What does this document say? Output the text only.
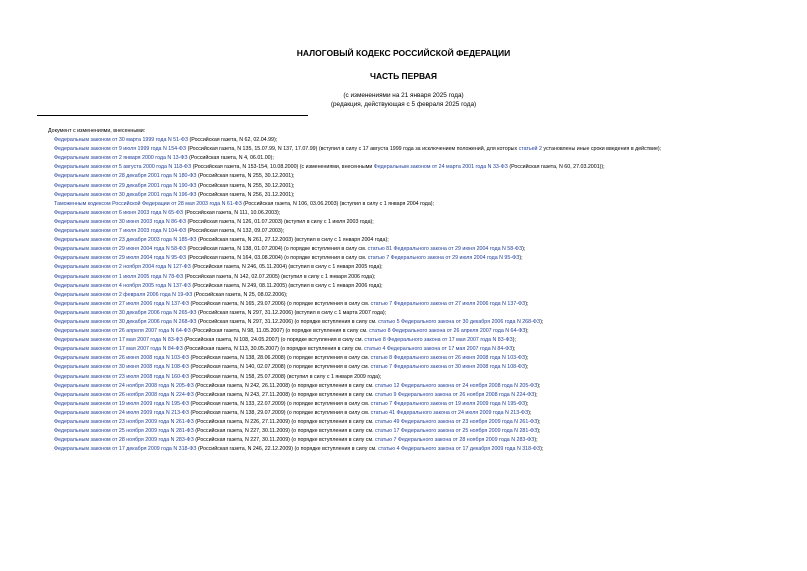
НАЛОГОВЫЙ КОДЕКС РОССИЙСКОЙ ФЕДЕРАЦИИ
ЧАСТЬ ПЕРВАЯ
(с изменениями на 21 января 2025 года)
(редакция, действующая с 5 февраля 2025 года)

Документ с изменениями, внесенными:

Федеральным законом от 30 марта 1999 года N 51-ФЗ (Российская газета, N 62, 02.04.99);

Федеральным законом от 9 июля 1999 года N 154-ФЗ (Российская газета, N 135, 15.07.99, N 137, 17.07.99) (вступил в силу с 17 августа 1999 года за исключением положений, для которых статьей 2 установлены иные сроки введения в действие);

Федеральным законом от 2 января 2000 года N 13-ФЗ (Российская газета, N 4, 06.01.00);

Федеральным законом от 5 августа 2000 года N 118-ФЗ (Российская газета, N 153-154, 10.08.2000) (с изменениями, внесенными Федеральным законом от 24 марта 2001 года N 33-ФЗ (Российская газета, N 60, 27.03.2001));

Федеральным законом от 28 декабря 2001 года N 180-ФЗ (Российская газета, N 255, 30.12.2001);

Федеральным законом от 29 декабря 2001 года N 190-ФЗ (Российская газета, N 255, 30.12.2001);

Федеральным законом от 30 декабря 2001 года N 196-ФЗ (Российская газета, N 256, 31.12.2001);

Таможенным кодексом Российской Федерации от 28 мая 2003 года N 61-ФЗ (Российская газета, N 106, 03.06.2003) (вступил в силу с 1 января 2004 года);

Федеральным законом от 6 июня 2003 года N 65-ФЗ (Российская газета, N 111, 10.06.2003);

Федеральным законом от 30 июня 2003 года N 86-ФЗ (Российская газета, N 126, 01.07.2003) (вступил в силу с 1 июля 2003 года);

Федеральным законом от 7 июля 2003 года N 104-ФЗ (Российская газета, N 132, 09.07.2003);

Федеральным законом от 23 декабря 2003 года N 185-ФЗ (Российская газета, N 261, 27.12.2003) (вступил в силу с 1 января 2004 года);

Федеральным законом от 29 июня 2004 года N 58-ФЗ (Российская газета, N 138, 01.07.2004) (о порядке вступления в силу см. статью 81 Федерального закона от 29 июня 2004 года N 58-ФЗ);

Федеральным законом от 29 июля 2004 года N 95-ФЗ (Российская газета, N 164, 03.08.2004) (о порядке вступления в силу см. статью 7 Федерального закона от 29 июля 2004 года N 95-ФЗ);

Федеральным законом от 2 ноября 2004 года N 127-ФЗ (Российская газета, N 246, 05.11.2004) (вступил в силу с 1 января 2005 года);

Федеральным законом от 1 июля 2005 года N 78-ФЗ (Российская газета, N 142, 02.07.2005) (вступил в силу с 1 января 2006 года);

Федеральным законом от 4 ноября 2005 года N 137-ФЗ (Российская газета, N 249, 08.11.2005) (вступил в силу с 1 января 2006 года);

Федеральным законом от 2 февраля 2006 года N 19-ФЗ (Российская газета, N 25, 08.02.2006);

Федеральным законом от 27 июля 2006 года N 137-ФЗ (Российская газета, N 165, 29.07.2006) (о порядке вступления в силу см. статью 7 Федерального закона от 27 июля 2006 года N 137-ФЗ);

Федеральным законом от 30 декабря 2006 года N 265-ФЗ (Российская газета, N 297, 31.12.2006) (вступил в силу с 1 марта 2007 года);

Федеральным законом от 30 декабря 2006 года N 268-ФЗ (Российская газета, N 297, 31.12.2006) (о порядке вступления в силу см. статью 5 Федерального закона от 30 декабря 2006 года N 268-ФЗ);

Федеральным законом от 26 апреля 2007 года N 64-ФЗ (Российская газета, N 98, 11.05.2007) (о порядке вступления в силу см. статью 8 Федерального закона от 26 апреля 2007 года N 64-ФЗ);

Федеральным законом от 17 мая 2007 года N 83-ФЗ (Российская газета, N 108, 24.05.2007) (о порядке вступления в силу см. статью 8 Федерального закона от 17 мая 2007 года N 83-ФЗ);

Федеральным законом от 17 мая 2007 года N 84-ФЗ (Российская газета, N 113, 30.05.2007) (о порядке вступления в силу см. статью 4 Федерального закона от 17 мая 2007 года N 84-ФЗ);

Федеральным законом от 26 июня 2008 года N 103-ФЗ (Российская газета, N 138, 28.06.2008) (о порядке вступления в силу см. статью 8 Федерального закона от 26 июня 2008 года N 103-ФЗ);

Федеральным законом от 30 июня 2008 года N 108-ФЗ (Российская газета, N 140, 02.07.2008) (о порядке вступления в силу см. статью 7 Федерального закона от 30 июня 2008 года N 108-ФЗ);

Федеральным законом от 23 июля 2008 года N 160-ФЗ (Российская газета, N 158, 25.07.2008) (вступил в силу с 1 января 2009 года);

Федеральным законом от 24 ноября 2008 года N 205-ФЗ (Российская газета, N 242, 26.11.2008) (о порядке вступления в силу см. статью 12 Федерального закона от 24 ноября 2008 года N 205-ФЗ);

Федеральным законом от 26 ноября 2008 года N 224-ФЗ (Российская газета, N 243, 27.11.2008) (о порядке вступления в силу см. статью 9 Федерального закона от 26 ноября 2008 года N 224-ФЗ);

Федеральным законом от 19 июля 2009 года N 195-ФЗ (Российская газета, N 133, 22.07.2009) (о порядке вступления в силу см. статью 7 Федерального закона от 19 июля 2009 года N 195-ФЗ);

Федеральным законом от 24 июля 2009 года N 213-ФЗ (Российская газета, N 138, 29.07.2009) (о порядке вступления в силу см. статью 41 Федерального закона от 24 июля 2009 года N 213-ФЗ);

Федеральным законом от 23 ноября 2009 года N 261-ФЗ (Российская газета, N 226, 27.11.2009) (о порядке вступления в силу см. статью 49 Федерального закона от 23 ноября 2009 года N 261-ФЗ);

Федеральным законом от 25 ноября 2009 года N 281-ФЗ (Российская газета, N 227, 30.11.2009) (о порядке вступления в силу см. статью 17 Федерального закона от 25 ноября 2009 года N 281-ФЗ);

Федеральным законом от 28 ноября 2009 года N 283-ФЗ (Российская газета, N 227, 30.11.2009) (о порядке вступления в силу см. статью 7 Федерального закона от 28 ноября 2009 года N 283-ФЗ);

Федеральным законом от 17 декабря 2009 года N 318-ФЗ (Российская газета, N 246, 22.12.2009) (о порядке вступления в силу см. статью 4 Федерального закона от 17 декабря 2009 года N 318-ФЗ);
